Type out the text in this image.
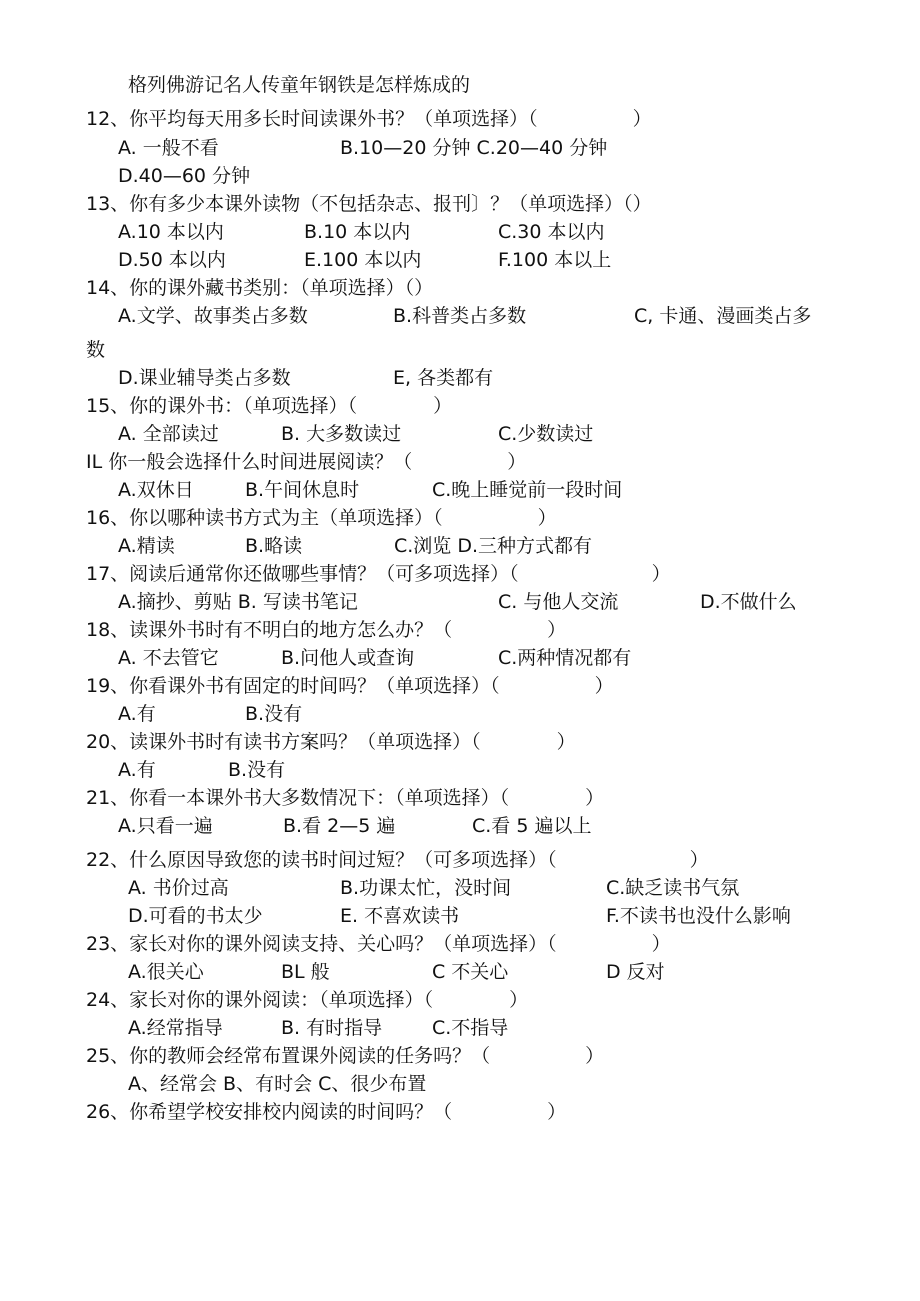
格列佛游记名人传童年钢铁是怎样炼成的
12、你平均每天用多长时间读课外书？（单项选择）（　　　　　）
A. 一般不看	B.10—20 分钟 C.20—40 分钟
D.40—60 分钟
13、你有多少本课外读物（不包括杂志、报刊〕？（单项选择）（）
A.10 本以内	B.10 本以内	C.30 本以内
D.50 本以内	E.100 本以内	F.100 本以上
14、你的课外藏书类别：（单项选择）（）
A.文学、故事类占多数	B.科普类占多数	C, 卡通、漫画类占多
数
D.课业辅导类占多数	E, 各类都有
15、你的课外书：（单项选择）（　　　　）
A. 全部读过	B. 大多数读过	C.少数读过
IL 你一般会选择什么时间进展阅读？（　　　　　）
A.双休日	B.午间休息时	C.晚上睡觉前一段时间
16、你以哪种读书方式为主（单项选择）（　　　　　）
A.精读	B.略读	C.浏览 D.三种方式都有
17、阅读后通常你还做哪些事情？（可多项选择）（　　　　　　　）
A.摘抄、剪贴 B. 写读书笔记	C. 与他人交流	D.不做什么
18、读课外书时有不明白的地方怎么办？（　　　　　）
A. 不去管它	B.问他人或查询	C.两种情况都有
19、你看课外书有固定的时间吗？（单项选择）（　　　　　）
A.有	B.没有
20、读课外书时有读书方案吗？（单项选择）（　　　　）
A.有	B.没有
21、你看一本课外书大多数情况下：（单项选择）（　　　　）
A.只看一遍	B.看 2—5 遍	C.看 5 遍以上
22、什么原因导致您的读书时间过短？（可多项选择）（　　　　　　　）
A. 书价过高	B.功课太忙，没时间	C.缺乏读书气氛
D.可看的书太少	E. 不喜欢读书	F.不读书也没什么影响
23、家长对你的课外阅读支持、关心吗？（单项选择）（　　　　　）
A.很关心	BL 般	C 不关心	D 反对
24、家长对你的课外阅读：（单项选择）（　　　　）
A.经常指导	B. 有时指导	C.不指导
25、你的教师会经常布置课外阅读的任务吗？（　　　　　）
A、经常会 B、有时会 C、很少布置
26、你希望学校安排校内阅读的时间吗？（　　　　　）
